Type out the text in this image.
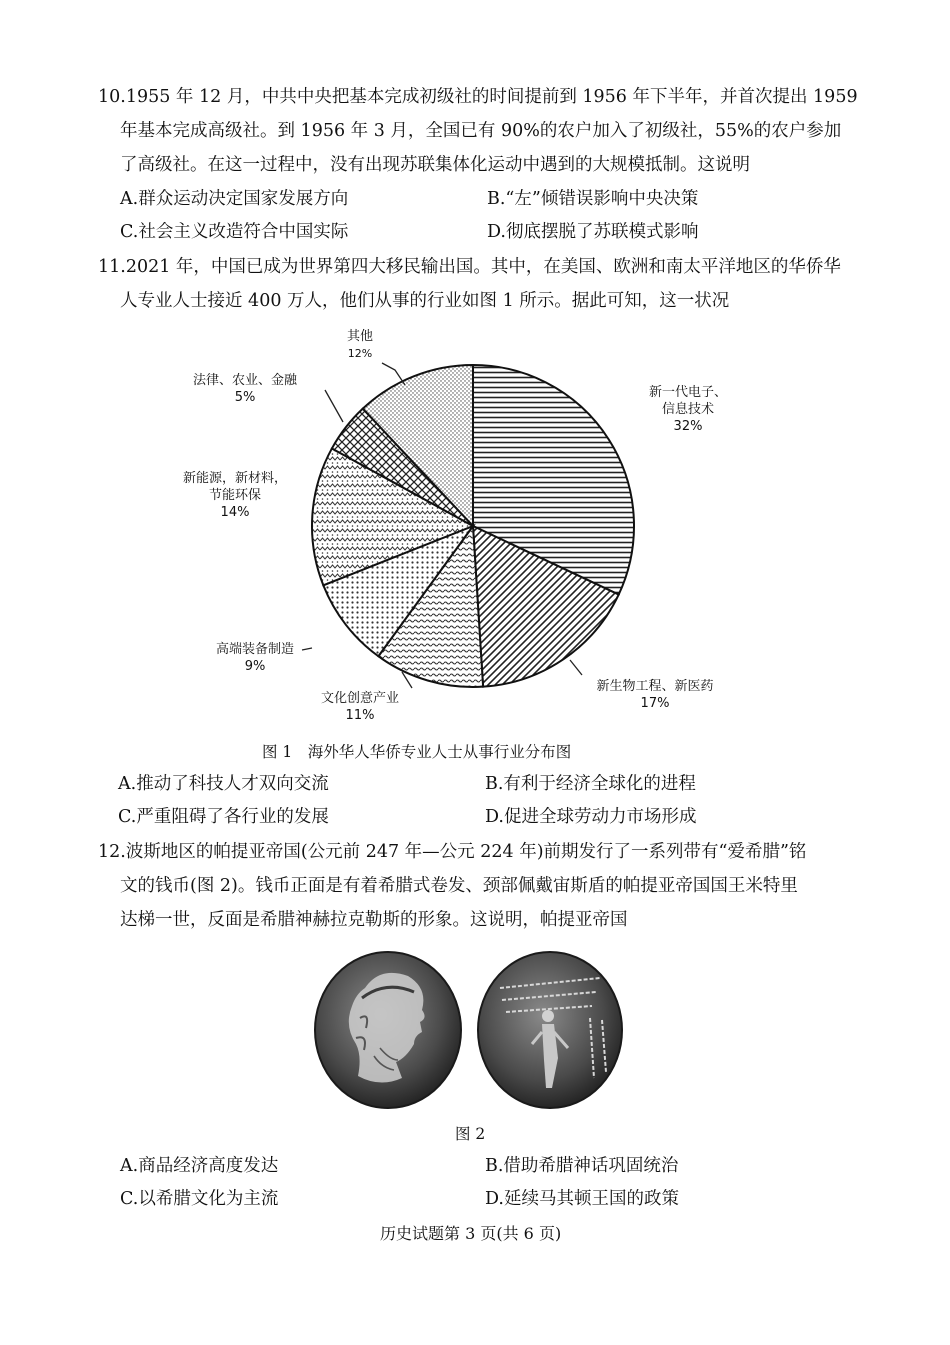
10.1955 年 12 月，中共中央把基本完成初级社的时间提前到 1956 年下半年，并首次提出 1959
年基本完成高级社。到 1956 年 3 月，全国已有 90%的农户加入了初级社，55%的农户参加
了高级社。在这一过程中，没有出现苏联集体化运动中遇到的大规模抵制。这说明
A.群众运动决定国家发展方向	B.“左”倾错误影响中央决策
C.社会主义改造符合中国实际	D.彻底摆脱了苏联模式影响
11.2021 年，中国已成为世界第四大移民输出国。其中，在美国、欧洲和南太平洋地区的华侨华
人专业人士接近 400 万人，他们从事的行业如图 1 所示。据此可知，这一状况
其他
12%
法律、农业、金融
5%	新一代电子、
信息技术
32%
新能源，新材料，
节能环保
14%
高端装备制造
9%
文化创意产业
11%
新生物工程、新医药
17%
图 1　海外华人华侨专业人士从事行业分布图
A.推动了科技人才双向交流	B.有利于经济全球化的进程
C.严重阻碍了各行业的发展	D.促进全球劳动力市场形成
12.波斯地区的帕提亚帝国(公元前 247 年—公元 224 年)前期发行了一系列带有“爱希腊”铭
文的钱币(图 2)。钱币正面是有着希腊式卷发、颈部佩戴宙斯盾的帕提亚帝国国王米特里
达梯一世，反面是希腊神赫拉克勒斯的形象。这说明，帕提亚帝国
图 2
A.商品经济高度发达	B.借助希腊神话巩固统治
C.以希腊文化为主流	D.延续马其顿王国的政策
历史试题第 3 页(共 6 页)
